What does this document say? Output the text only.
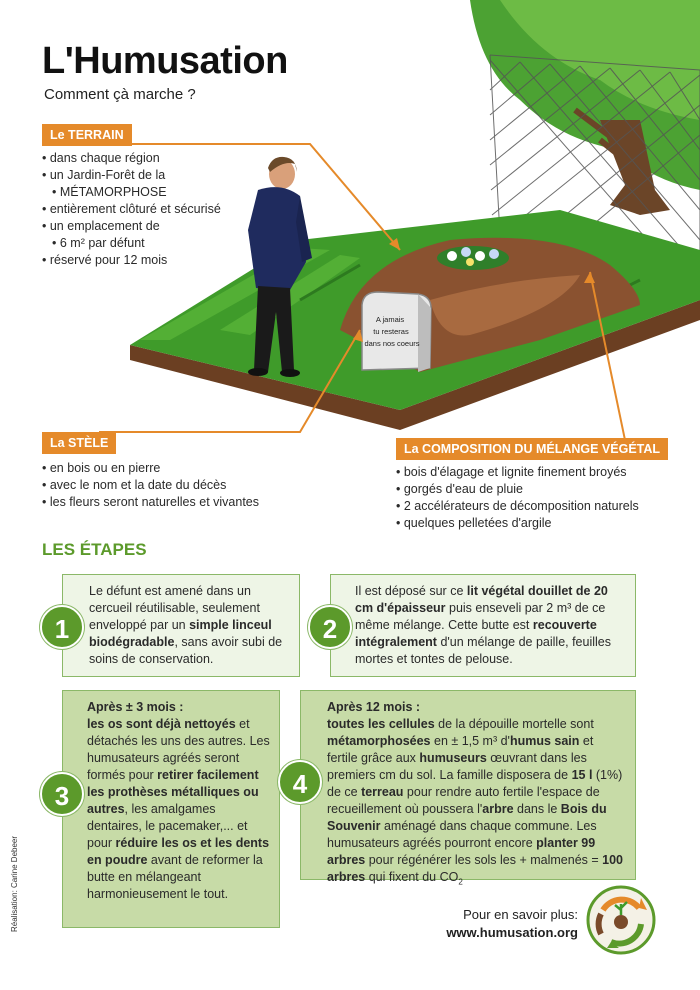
L'Humusation
Comment çà marche ?
A jamais
tu resteras
dans nos coeurs
Le TERRAIN
• dans chaque région
• un Jardin-Forêt de la
• MÉTAMORPHOSE
• entièrement clôturé et sécurisé
• un emplacement de
• 6 m² par défunt
• réservé pour 12 mois
La STÈLE
• en bois ou en pierre
• avec le nom et la date du décès
• les fleurs seront naturelles et vivantes
La COMPOSITION DU MÉLANGE VÉGÉTAL
• bois d'élagage et lignite finement broyés
• gorgés d'eau de pluie
• 2 accélérateurs de décomposition naturels
• quelques pelletées d'argile
LES ÉTAPES
Le défunt est amené dans un cercueil réutilisable, seulement enveloppé par un simple linceul biodégradable, sans avoir subi de soins de conservation.
1
Il est déposé sur ce lit végétal douillet de 20 cm d'épaisseur puis enseveli par 2 m³ de ce même mélange. Cette butte est recouverte intégralement d'un mélange de paille, feuilles mortes et tontes de pelouse.
2
Après ± 3 mois :
les os sont déjà nettoyés et détachés les uns des autres. Les humusateurs agréés seront formés pour retirer facilement les prothèses métalliques ou autres, les amalgames dentaires, le pacemaker,... et pour réduire les os et les dents en poudre avant de reformer la butte en mélangeant harmonieusement le tout.
3
Après 12 mois :
toutes les cellules de la dépouille mortelle sont métamorphosées en ± 1,5 m³ d'humus sain et fertile grâce aux humuseurs œuvrant dans les premiers cm du sol. La famille disposera de 15 l (1%) de ce terreau pour rendre auto fertile l'espace de recueillement où poussera l'arbre dans le Bois du Souvenir aménagé dans chaque commune. Les humusateurs agréés pourront encore planter 99 arbres pour régénérer les sols les + malmenés = 100 arbres qui fixent du $CO_2$
4
Réalisation: Carine Debeer	Pour en savoir plus:
www.humusation.org
